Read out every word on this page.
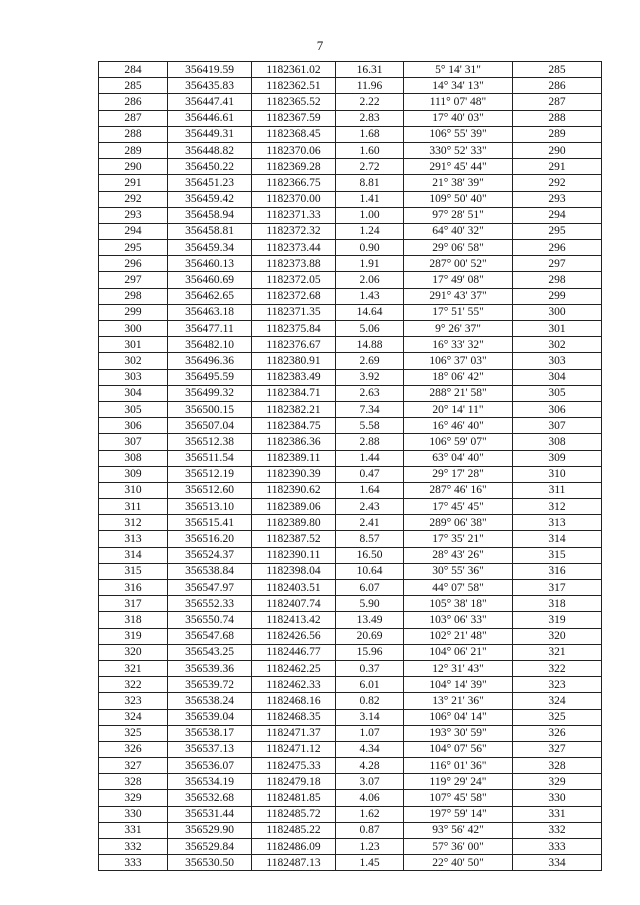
7
284	356419.59	1182361.02	16.31	5° 14' 31"	285
285	356435.83	1182362.51	11.96	14° 34' 13"	286
286	356447.41	1182365.52	2.22	111° 07' 48"	287
287	356446.61	1182367.59	2.83	17° 40' 03"	288
288	356449.31	1182368.45	1.68	106° 55' 39"	289
289	356448.82	1182370.06	1.60	330° 52' 33"	290
290	356450.22	1182369.28	2.72	291° 45' 44"	291
291	356451.23	1182366.75	8.81	21° 38' 39"	292
292	356459.42	1182370.00	1.41	109° 50' 40"	293
293	356458.94	1182371.33	1.00	97° 28' 51"	294
294	356458.81	1182372.32	1.24	64° 40' 32"	295
295	356459.34	1182373.44	0.90	29° 06' 58"	296
296	356460.13	1182373.88	1.91	287° 00' 52"	297
297	356460.69	1182372.05	2.06	17° 49' 08"	298
298	356462.65	1182372.68	1.43	291° 43' 37"	299
299	356463.18	1182371.35	14.64	17° 51' 55"	300
300	356477.11	1182375.84	5.06	9° 26' 37"	301
301	356482.10	1182376.67	14.88	16° 33' 32"	302
302	356496.36	1182380.91	2.69	106° 37' 03"	303
303	356495.59	1182383.49	3.92	18° 06' 42"	304
304	356499.32	1182384.71	2.63	288° 21' 58"	305
305	356500.15	1182382.21	7.34	20° 14' 11"	306
306	356507.04	1182384.75	5.58	16° 46' 40"	307
307	356512.38	1182386.36	2.88	106° 59' 07"	308
308	356511.54	1182389.11	1.44	63° 04' 40"	309
309	356512.19	1182390.39	0.47	29° 17' 28"	310
310	356512.60	1182390.62	1.64	287° 46' 16"	311
311	356513.10	1182389.06	2.43	17° 45' 45"	312
312	356515.41	1182389.80	2.41	289° 06' 38"	313
313	356516.20	1182387.52	8.57	17° 35' 21"	314
314	356524.37	1182390.11	16.50	28° 43' 26"	315
315	356538.84	1182398.04	10.64	30° 55' 36"	316
316	356547.97	1182403.51	6.07	44° 07' 58"	317
317	356552.33	1182407.74	5.90	105° 38' 18"	318
318	356550.74	1182413.42	13.49	103° 06' 33"	319
319	356547.68	1182426.56	20.69	102° 21' 48"	320
320	356543.25	1182446.77	15.96	104° 06' 21"	321
321	356539.36	1182462.25	0.37	12° 31' 43"	322
322	356539.72	1182462.33	6.01	104° 14' 39"	323
323	356538.24	1182468.16	0.82	13° 21' 36"	324
324	356539.04	1182468.35	3.14	106° 04' 14"	325
325	356538.17	1182471.37	1.07	193° 30' 59"	326
326	356537.13	1182471.12	4.34	104° 07' 56"	327
327	356536.07	1182475.33	4.28	116° 01' 36"	328
328	356534.19	1182479.18	3.07	119° 29' 24"	329
329	356532.68	1182481.85	4.06	107° 45' 58"	330
330	356531.44	1182485.72	1.62	197° 59' 14"	331
331	356529.90	1182485.22	0.87	93° 56' 42"	332
332	356529.84	1182486.09	1.23	57° 36' 00"	333
333	356530.50	1182487.13	1.45	22° 40' 50"	334
